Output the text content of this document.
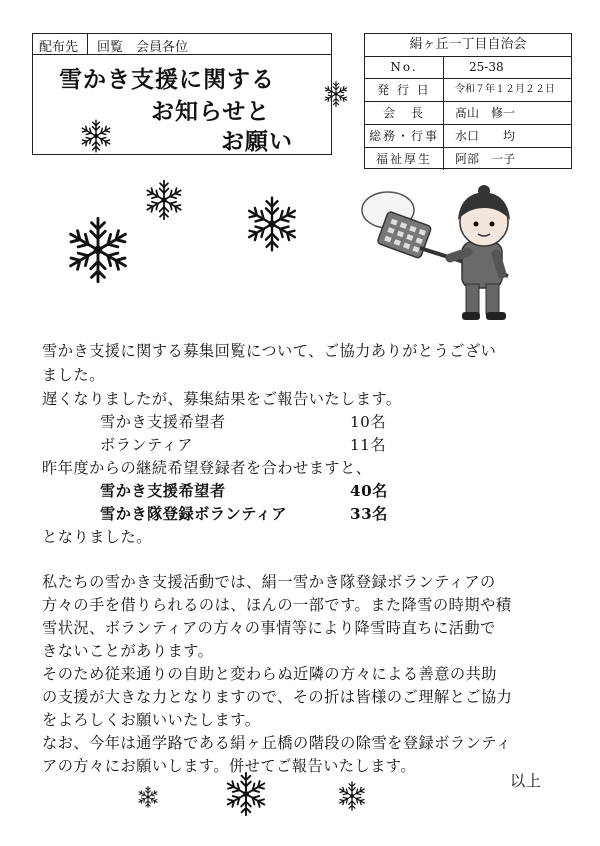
配布先 回覧　会員各位
雪かき支援に関する
お知らせと
お願い
絹ヶ丘一丁目自治会
No.	25-38
発 行 日	令和７年１２月２２日
会　長	髙山　修一
総務・行事	水口　　均
福祉厚生	阿部　一子
雪かき支援に関する募集回覧について、ご協力ありがとうござい
ました。
遅くなりましたが、募集結果をご報告いたします。
雪かき支援希望者	10名
ボランティア	11名
昨年度からの継続希望登録者を合わせますと、
雪かき支援希望者	40名
雪かき隊登録ボランティア	33名
となりました。
私たちの雪かき支援活動では、絹一雪かき隊登録ボランティアの
方々の手を借りられるのは、ほんの一部です。また降雪の時期や積
雪状況、ボランティアの方々の事情等により降雪時直ちに活動で
きないことがあります。
そのため従来通りの自助と変わらぬ近隣の方々による善意の共助
の支援が大きな力となりますので、その折は皆様のご理解とご協力
をよろしくお願いいたします。
なお、今年は通学路である絹ヶ丘橋の階段の除雪を登録ボランティ
アの方々にお願いします。併せてご報告いたします。
以上
